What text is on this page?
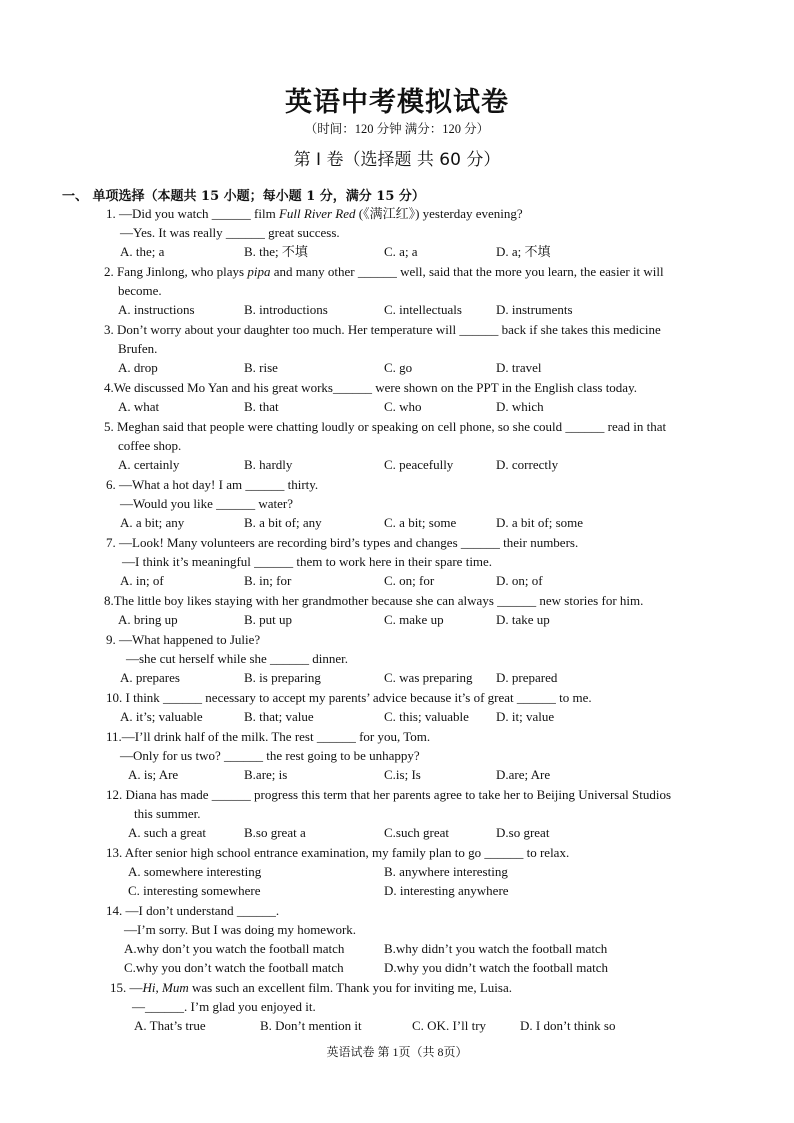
英语中考模拟试卷
（时间：120 分钟 满分：120 分）
第 I 卷（选择题 共 60 分）
一、 单项选择（本题共 15 小题；每小题 1 分，满分 15 分）
1. —Did you watch ______ film Full River Red (《满江红》) yesterday evening?
—Yes. It was really ______ great success.
A. the; a	B. the; 不填	C. a; a	D. a; 不填
2. Fang Jinlong, who plays pipa and many other ______ well, said that the more you learn, the easier it will
become.
A. instructions	B. introductions	C. intellectuals	D. instruments
3. Don’t worry about your daughter too much. Her temperature will ______ back if she takes this medicine
Brufen.
A. drop	B. rise	C. go	D. travel
4.We discussed Mo Yan and his great works______ were shown on the PPT in the English class today.
A. what	B. that	C. who	D. which
5. Meghan said that people were chatting loudly or speaking on cell phone, so she could ______ read in that
coffee shop.
A. certainly	B. hardly	C. peacefully	D. correctly
6. —What a hot day! I am ______ thirty.
—Would you like ______ water?
A. a bit; any	B. a bit of; any	C. a bit; some	D. a bit of; some
7. —Look! Many volunteers are recording bird’s types and changes ______ their numbers.
—I think it’s meaningful ______ them to work here in their spare time.
A. in; of	B. in; for	C. on; for	D. on; of
8.The little boy likes staying with her grandmother because she can always ______ new stories for him.
A. bring up	B. put up	C. make up	D. take up
9. —What happened to Julie?
—she cut herself while she ______ dinner.
A. prepares	B. is preparing	C. was preparing D. prepared
10. I think ______ necessary to accept my parents’ advice because it’s of great ______ to me.
A. it’s; valuable	B. that; value	C. this; valuable D. it; value
11.—I’ll drink half of the milk. The rest ______ for you, Tom.
—Only for us two? ______ the rest going to be unhappy?
A. is; Are	B.are; is	C.is; Is	D.are; Are
12. Diana has made ______ progress this term that her parents agree to take her to Beijing Universal Studios
this summer.
A. such a great	B.so great a	C.such great	D.so great
13. After senior high school entrance examination, my family plan to go ______ to relax.
A. somewhere interesting	B. anywhere interesting
C. interesting somewhere	D. interesting anywhere
14. —I don’t understand ______.
—I’m sorry. But I was doing my homework.
A.why don’t you watch the football match	B.why didn’t you watch the football match
C.why you don’t watch the football match	D.why you didn’t watch the football match
15. —Hi, Mum was such an excellent film. Thank you for inviting me, Luisa.
—______. I’m glad you enjoyed it.
A. That’s true	B. Don’t mention it	C. OK. I’ll try	D. I don’t think so
英语试卷 第 1页（共 8页）
